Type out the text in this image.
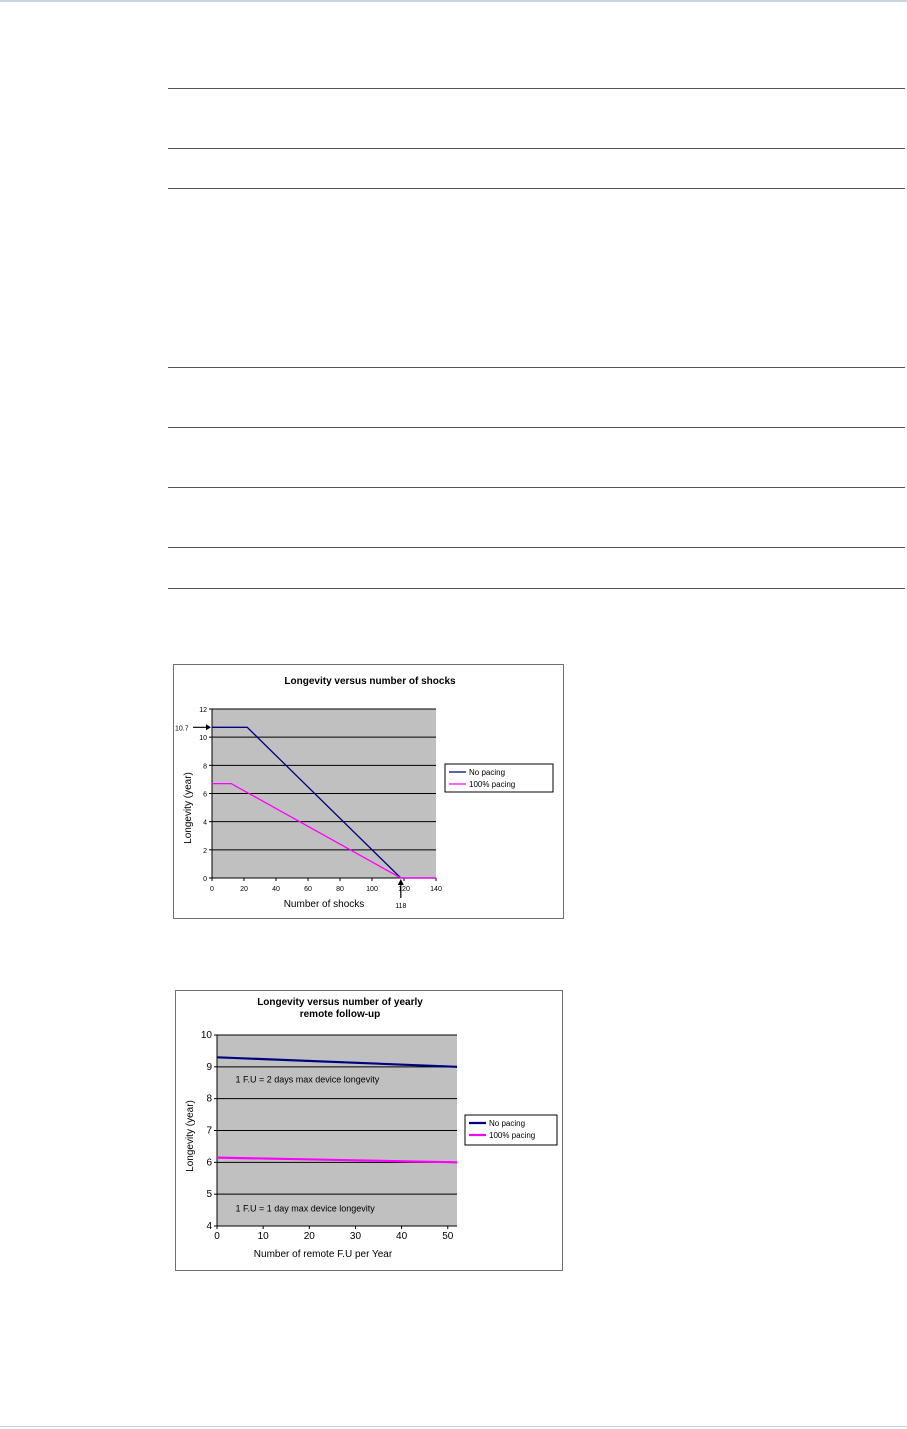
Longevity versus number of shocks
Longevity (year)
Number of shocks
0
2
4
6
8
10
12
0	20	40	60	80	100	120	140
No pacing
100% pacing
10.7
118
Longevity versus number of yearly
remote follow-up
Longevity (year)
Number of remote F.U per Year
4
5
6
7
8
9
10
0	10	20	30	40	50
No pacing
100% pacing
1 F.U = 2 days max device longevity
1 F.U = 1 day max device longevity
